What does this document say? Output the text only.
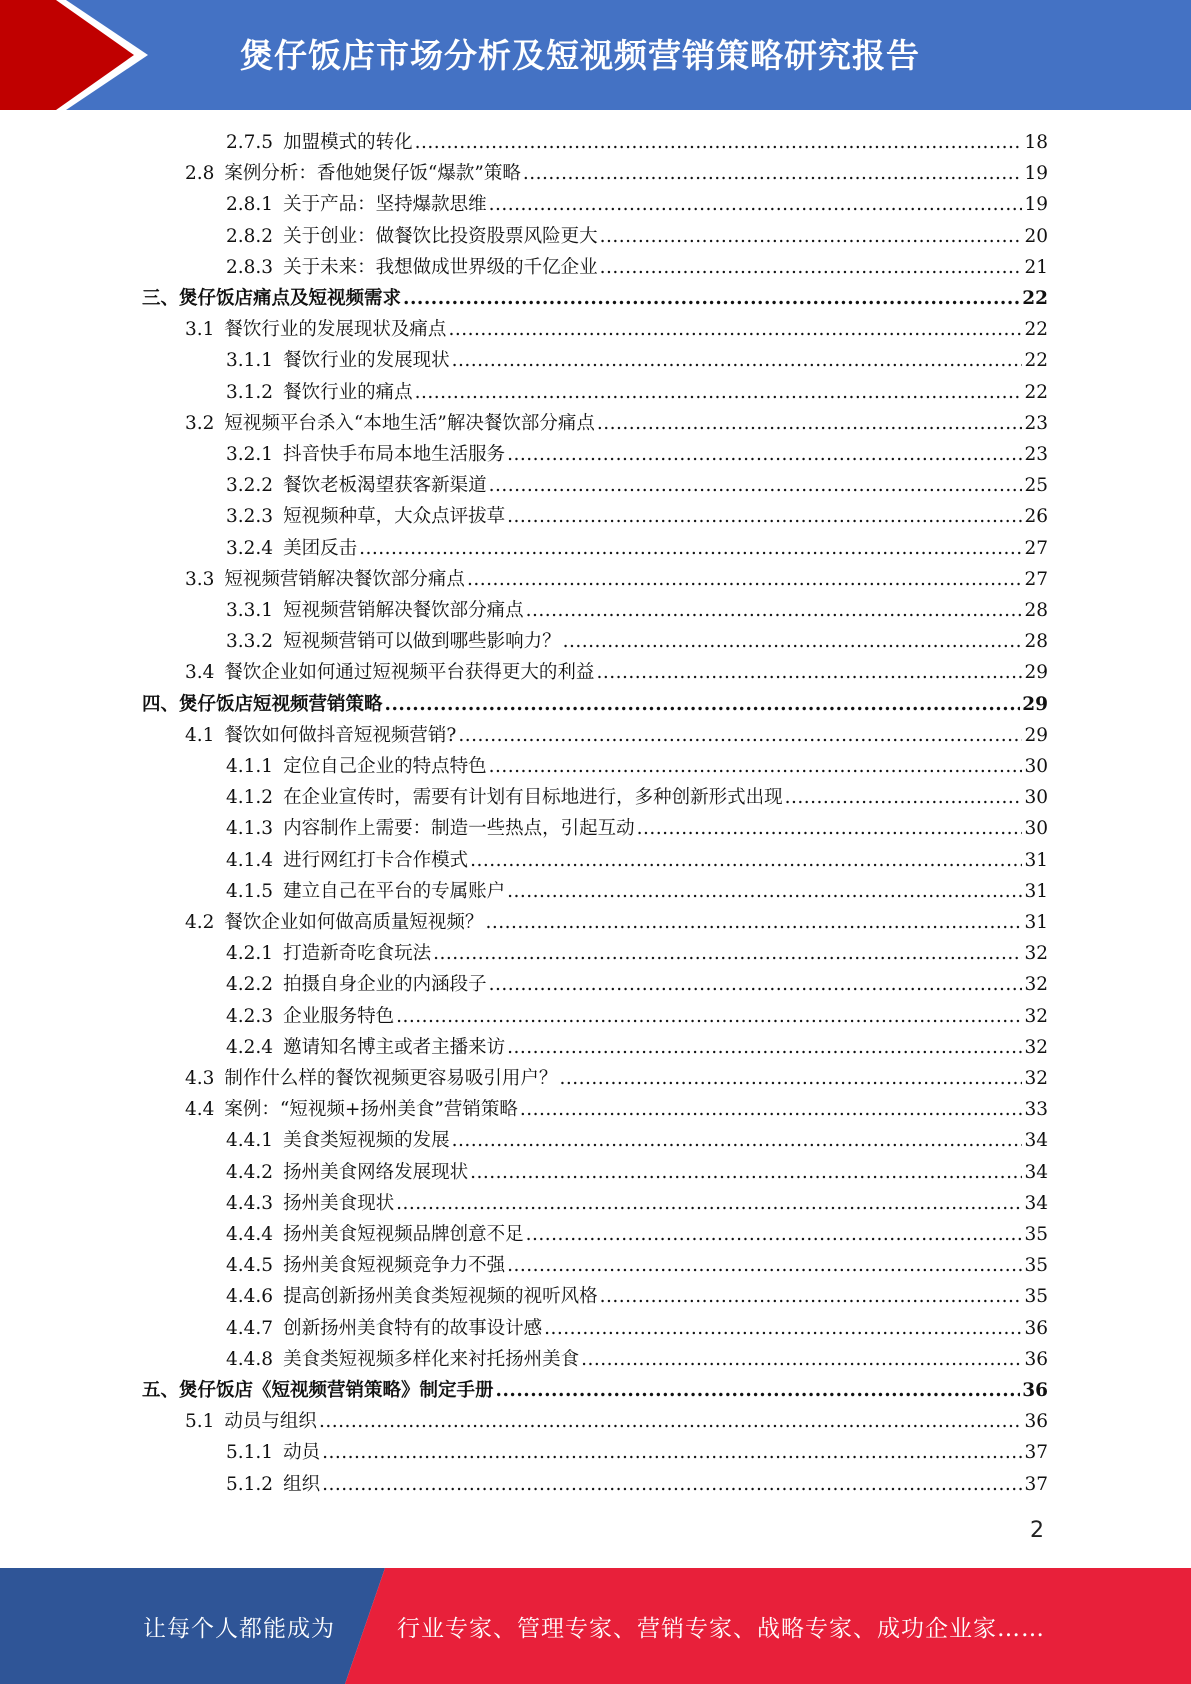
煲仔饭店市场分析及短视频营销策略研究报告
2.7.5 加盟模式的转化 .....	18
2.8 案例分析：香他她煲仔饭“爆款”策略 .....	19
2.8.1 关于产品：坚持爆款思维 .....	19
2.8.2 关于创业：做餐饮比投资股票风险更大 .....	20
2.8.3 关于未来：我想做成世界级的千亿企业 .....	21
三、 煲仔饭店痛点及短视频需求 .....	22
3.1 餐饮行业的发展现状及痛点 .....	22
3.1.1 餐饮行业的发展现状 .....	22
3.1.2 餐饮行业的痛点 .....	22
3.2 短视频平台杀入“本地生活”解决餐饮部分痛点 .....	23
3.2.1 抖音快手布局本地生活服务 .....	23
3.2.2 餐饮老板渴望获客新渠道 .....	25
3.2.3 短视频种草，大众点评拔草 .....	26
3.2.4 美团反击 .....	27
3.3 短视频营销解决餐饮部分痛点 .....	27
3.3.1 短视频营销解决餐饮部分痛点 .....	28
3.3.2 短视频营销可以做到哪些影响力？ .....	28
3.4 餐饮企业如何通过短视频平台获得更大的利益 .....	29
四、 煲仔饭店短视频营销策略 .....	29
4.1 餐饮如何做抖音短视频营销? .....	29
4.1.1 定位自己企业的特点特色 .....	30
4.1.2 在企业宣传时，需要有计划有目标地进行，多种创新形式出现 .....	30
4.1.3 内容制作上需要：制造一些热点，引起互动 .....	30
4.1.4 进行网红打卡合作模式 .....	31
4.1.5 建立自己在平台的专属账户 .....	31
4.2 餐饮企业如何做高质量短视频？ .....	31
4.2.1 打造新奇吃食玩法 .....	32
4.2.2 拍摄自身企业的内涵段子 .....	32
4.2.3 企业服务特色 .....	32
4.2.4 邀请知名博主或者主播来访 .....	32
4.3 制作什么样的餐饮视频更容易吸引用户？ .....	32
4.4 案例：“短视频+扬州美食”营销策略 .....	33
4.4.1 美食类短视频的发展 .....	34
4.4.2 扬州美食网络发展现状 .....	34
4.4.3 扬州美食现状 .....	34
4.4.4 扬州美食短视频品牌创意不足 .....	35
4.4.5 扬州美食短视频竞争力不强 .....	35
4.4.6 提高创新扬州美食类短视频的视听风格 .....	35
4.4.7 创新扬州美食特有的故事设计感 .....	36
4.4.8 美食类短视频多样化来衬托扬州美食 .....	36
五、 煲仔饭店《短视频营销策略》制定手册 .....	36
5.1 动员与组织 .....	36
5.1.1 动员 .....	37
5.1.2 组织 .....	37
2
让每个人都能成为	行业专家、管理专家、营销专家、战略专家、成功企业家……
